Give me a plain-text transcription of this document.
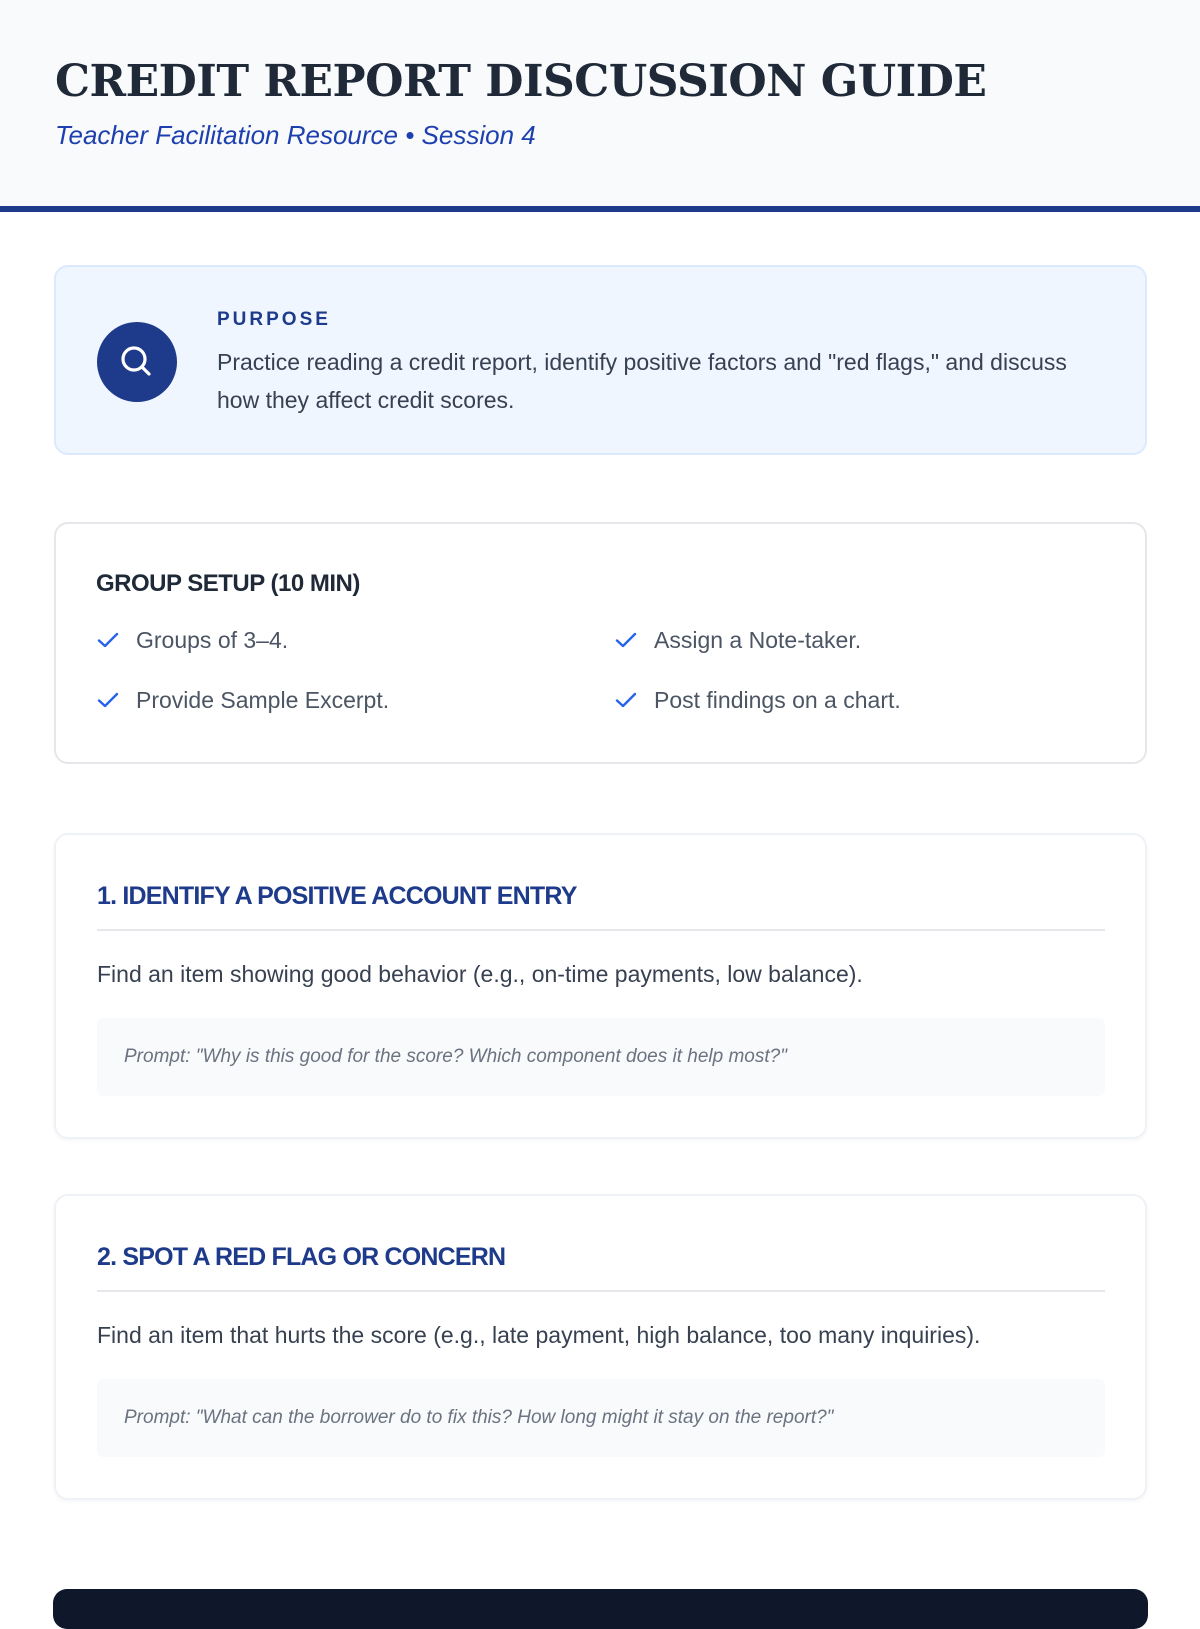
CREDIT REPORT DISCUSSION GUIDE
Teacher Facilitation Resource • Session 4
PURPOSE
Practice reading a credit report, identify positive factors and "red flags," and discuss how they affect credit scores.
GROUP SETUP (10 MIN)
Groups of 3–4.	Assign a Note-taker.
Provide Sample Excerpt.	Post findings on a chart.
1. IDENTIFY A POSITIVE ACCOUNT ENTRY
Find an item showing good behavior (e.g., on-time payments, low balance).
Prompt: "Why is this good for the score? Which component does it help most?"
2. SPOT A RED FLAG OR CONCERN
Find an item that hurts the score (e.g., late payment, high balance, too many inquiries).
Prompt: "What can the borrower do to fix this? How long might it stay on the report?"
